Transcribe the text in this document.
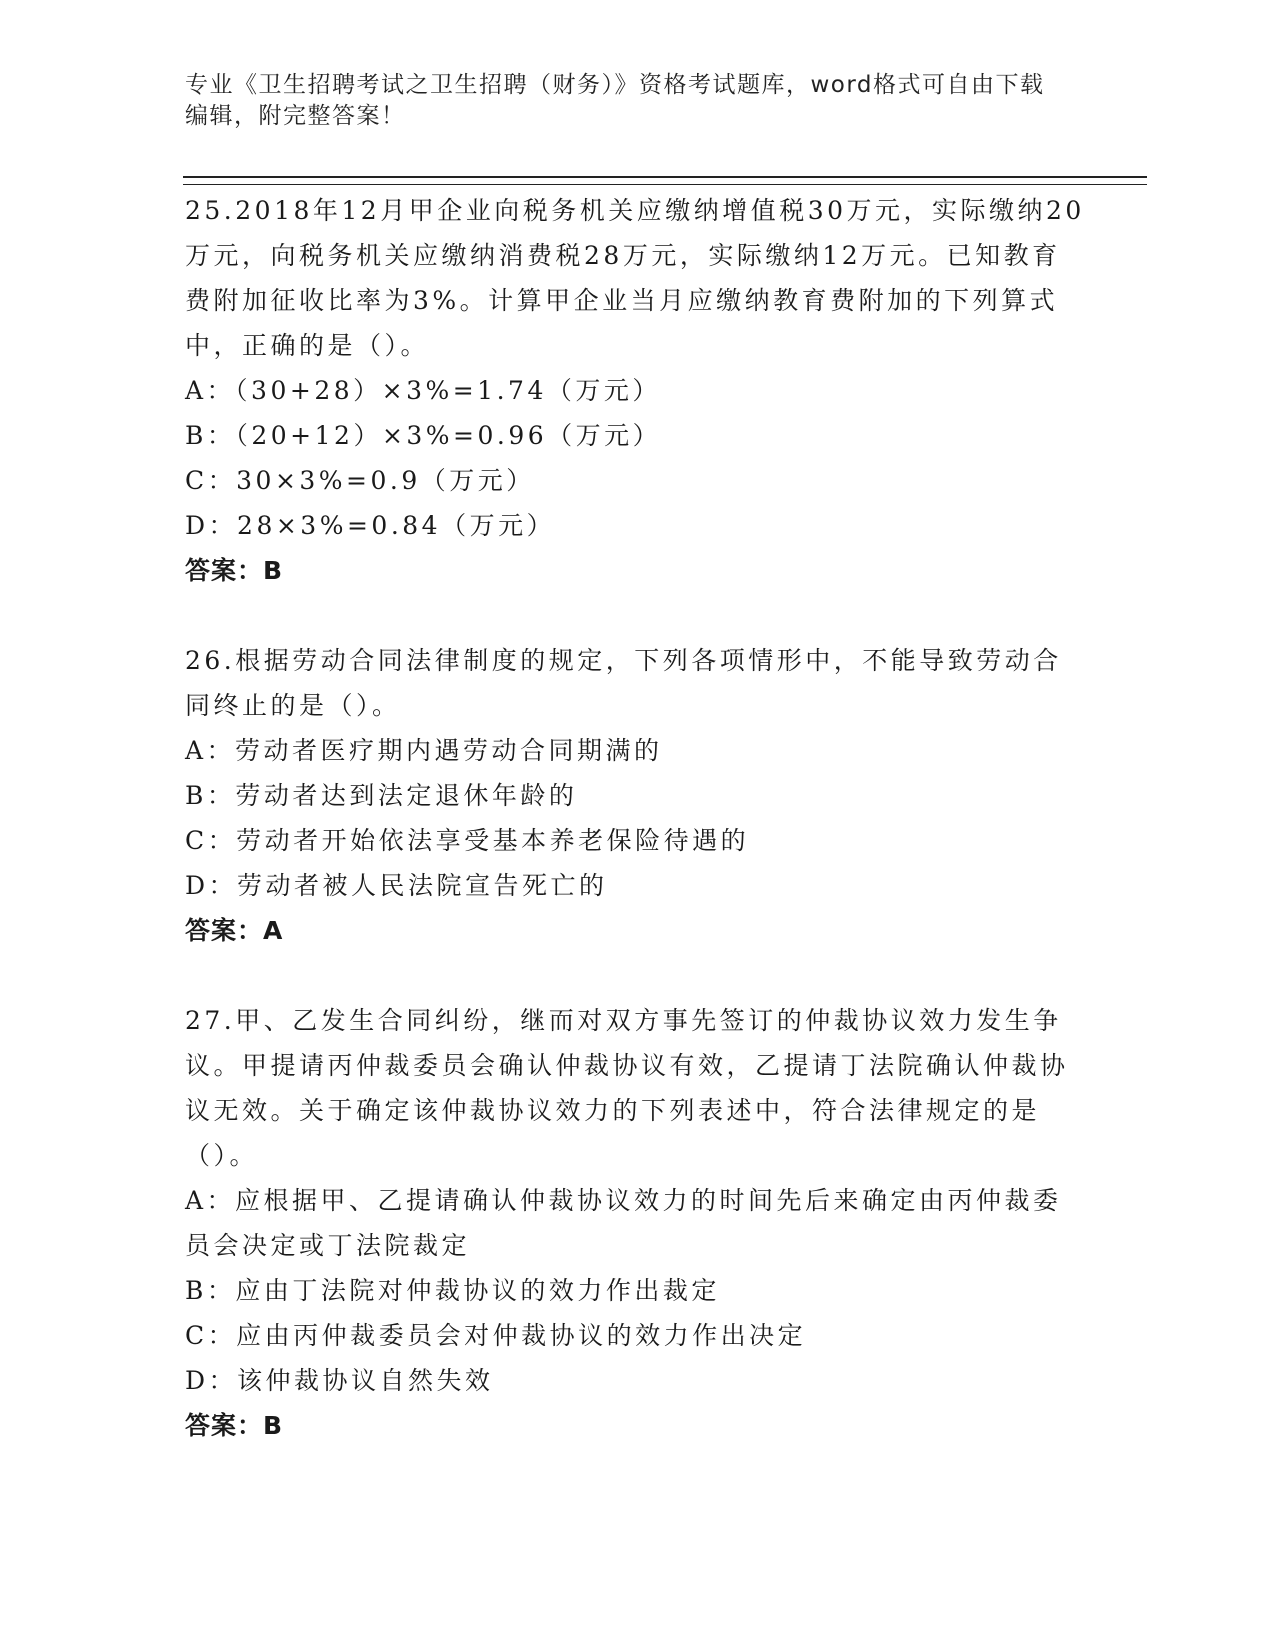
专业《卫生招聘考试之卫生招聘（财务）》资格考试题库，word格式可自由下载
编辑，附完整答案！

25.2018年12月甲企业向税务机关应缴纳增值税30万元，实际缴纳20万元，向税务机关应缴纳消费税28万元，实际缴纳12万元。已知教育费附加征收比率为3%。计算甲企业当月应缴纳教育费附加的下列算式中，正确的是（）。

A：（30+28）×3%=1.74（万元）

B：（20+12）×3%=0.96（万元）

C：30×3%=0.9（万元）

D：28×3%=0.84（万元）

答案：B

26.根据劳动合同法律制度的规定，下列各项情形中，不能导致劳动合同终止的是（）。

A：劳动者医疗期内遇劳动合同期满的

B：劳动者达到法定退休年龄的

C：劳动者开始依法享受基本养老保险待遇的

D：劳动者被人民法院宣告死亡的

答案：A

27.甲、乙发生合同纠纷，继而对双方事先签订的仲裁协议效力发生争议。甲提请丙仲裁委员会确认仲裁协议有效，乙提请丁法院确认仲裁协议无效。关于确定该仲裁协议效力的下列表述中，符合法律规定的是（）。

A：应根据甲、乙提请确认仲裁协议效力的时间先后来确定由丙仲裁委员会决定或丁法院裁定

B：应由丁法院对仲裁协议的效力作出裁定

C：应由丙仲裁委员会对仲裁协议的效力作出决定

D：该仲裁协议自然失效

答案：B
